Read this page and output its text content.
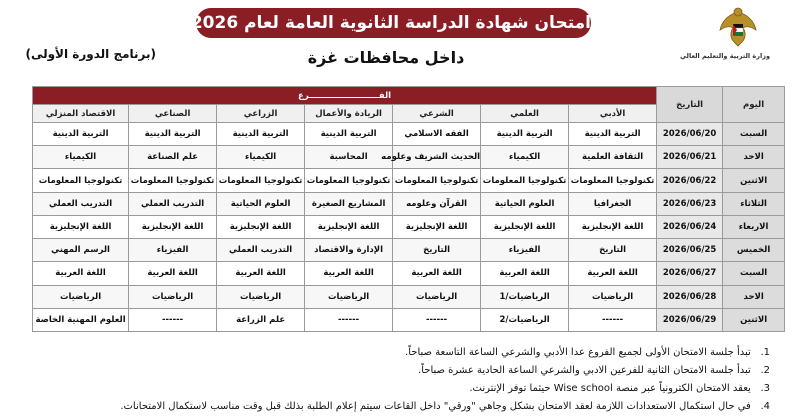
امتحان شهادة الدراسة الثانوية العامة لعام 2026
داخل محافظات غزة
(برنامج الدورة الأولى)	وزارة التربية والتعليم العالي
اليوم	التاريخ	الفــــــــــــــــــــــــرع						
		الأدبي	العلمي	الشرعي	الريادة والأعمال	الزراعي	الصناعي	الاقتصاد المنزلي
السبت	2026/06/20	التربية الدينية	التربية الدينية	الفقه الاسلامي	التربية الدينية	التربية الدينية	التربية الدينية	التربية الدينية
الاحد	2026/06/21	الثقافة العلمية	الكيمياء	الحديث الشريف وعلومه	المحاسبة	الكيمياء	علم الصناعة	الكيمياء
الاثنين	2026/06/22	تكنولوجيا المعلومات	تكنولوجيا المعلومات	تكنولوجيا المعلومات	تكنولوجيا المعلومات	تكنولوجيا المعلومات	تكنولوجيا المعلومات	تكنولوجيا المعلومات
الثلاثاء	2026/06/23	الجغرافيا	العلوم الحياتية	القرآن وعلومه	المشاريع الصغيرة	العلوم الحياتية	التدريب العملي	التدريب العملي
الاربعاء	2026/06/24	اللغة الإنجليزية	اللغة الإنجليزية	اللغة الإنجليزية	اللغة الإنجليزية	اللغة الإنجليزية	اللغة الإنجليزية	اللغة الإنجليزية
الخميس	2026/06/25	التاريخ	الفيزياء	التاريخ	الإدارة والاقتصاد	التدريب العملي	الفيزياء	الرسم المهني
السبت	2026/06/27	اللغة العربية	اللغة العربية	اللغة العربية	اللغة العربية	اللغة العربية	اللغة العربية	اللغة العربية
الاحد	2026/06/28	الرياضيات	الرياضيات/1	الرياضيات	الرياضيات	الرياضيات	الرياضيات	الرياضيات
الاثنين	2026/06/29	------	الرياضيات/2	------	------	علم الزراعة	------	العلوم المهنية الخاصة
1. تبدأ جلسة الامتحان الأولى لجميع الفروع عدا الأدبي والشرعي الساعة التاسعة صباحاً.
2. تبدأ جلسة الامتحان الثانية للفرعين الادبي والشرعي الساعة الحادية عشرة صباحاً.
3. يعقد الامتحان الكترونياً عبر منصة Wise school حيثما توفر الإنترنت.
4. في حال استكمال الاستعدادات اللازمة لعقد الامتحان بشكل وجاهي "ورقي" داخل القاعات سيتم إعلام الطلبة بذلك قبل وقت مناسب لاستكمال الامتحانات.
